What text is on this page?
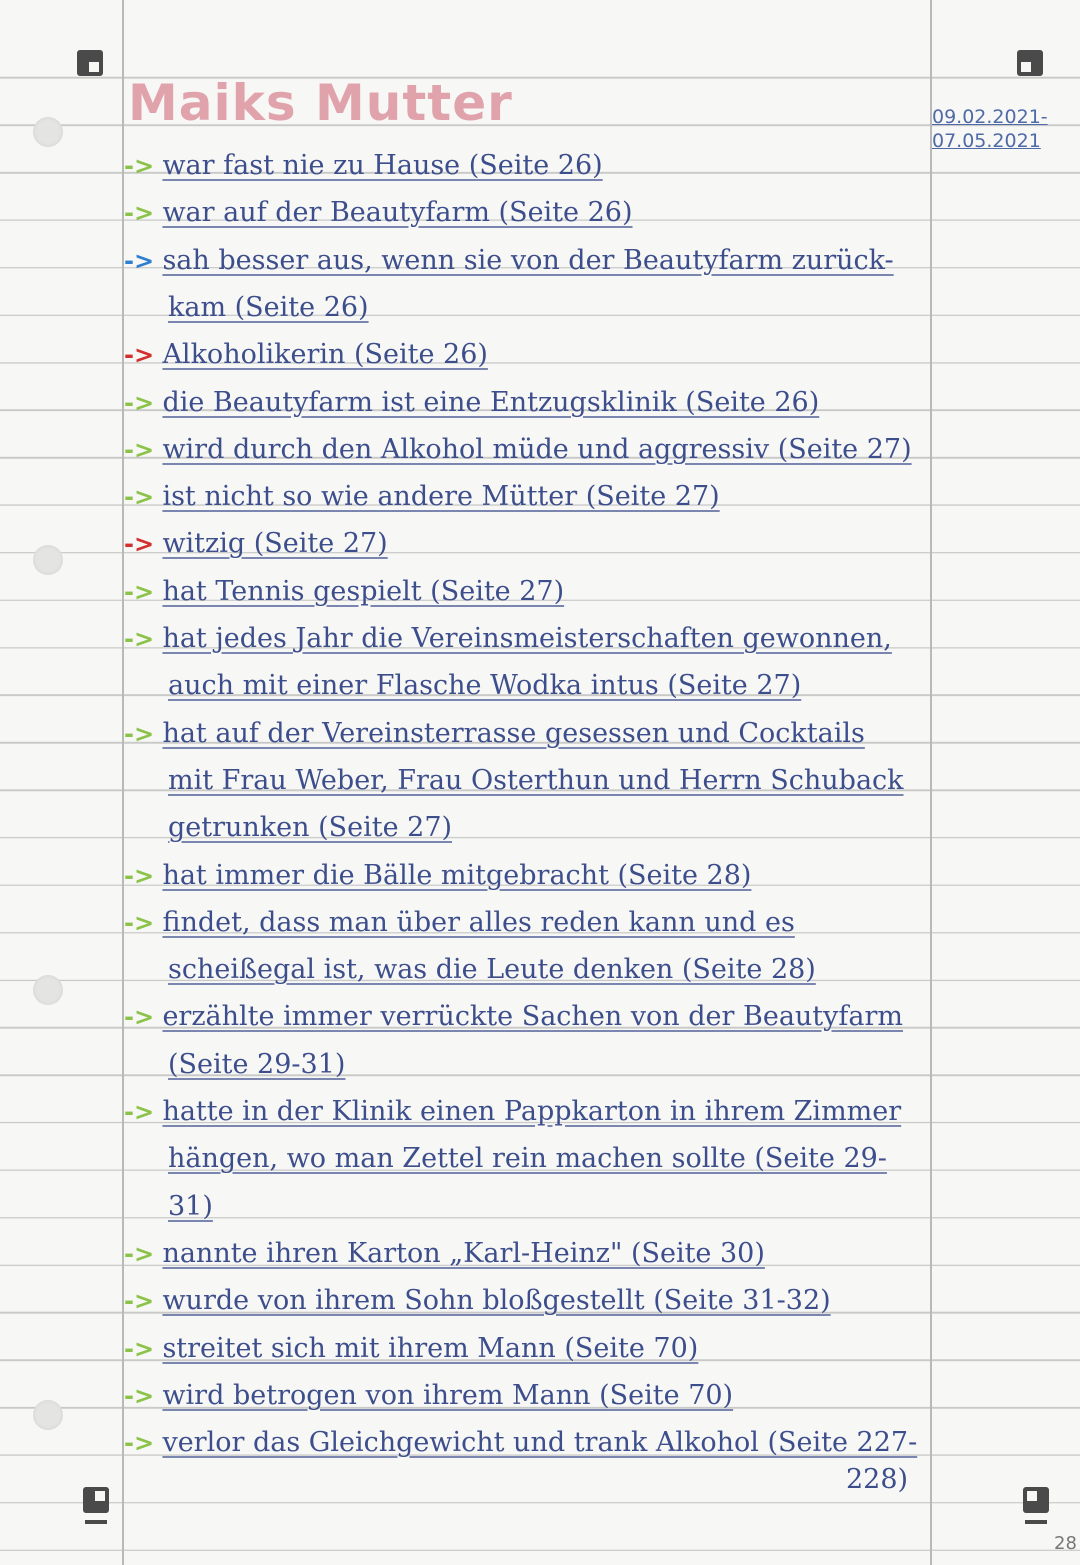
Maiks Mutter	09.02.2021-
07.05.2021
-> war fast nie zu Hause (Seite 26)
-> war auf der Beautyfarm (Seite 26)
-> sah besser aus, wenn sie von der Beautyfarm zurück-
kam (Seite 26)
-> Alkoholikerin (Seite 26)
-> die Beautyfarm ist eine Entzugsklinik (Seite 26)
-> wird durch den Alkohol müde und aggressiv (Seite 27)
-> ist nicht so wie andere Mütter (Seite 27)
-> witzig (Seite 27)
-> hat Tennis gespielt (Seite 27)
-> hat jedes Jahr die Vereinsmeisterschaften gewonnen,
auch mit einer Flasche Wodka intus (Seite 27)
-> hat auf der Vereinsterrasse gesessen und Cocktails
mit Frau Weber, Frau Osterthun und Herrn Schuback
getrunken (Seite 27)
-> hat immer die Bälle mitgebracht (Seite 28)
-> findet, dass man über alles reden kann und es
scheißegal ist, was die Leute denken (Seite 28)
-> erzählte immer verrückte Sachen von der Beautyfarm
(Seite 29-31)
-> hatte in der Klinik einen Pappkarton in ihrem Zimmer
hängen, wo man Zettel rein machen sollte (Seite 29-
31)
-> nannte ihren Karton „Karl-Heinz" (Seite 30)
-> wurde von ihrem Sohn bloßgestellt (Seite 31-32)
-> streitet sich mit ihrem Mann (Seite 70)
-> wird betrogen von ihrem Mann (Seite 70)
-> verlor das Gleichgewicht und trank Alkohol (Seite 227-
228)
28
